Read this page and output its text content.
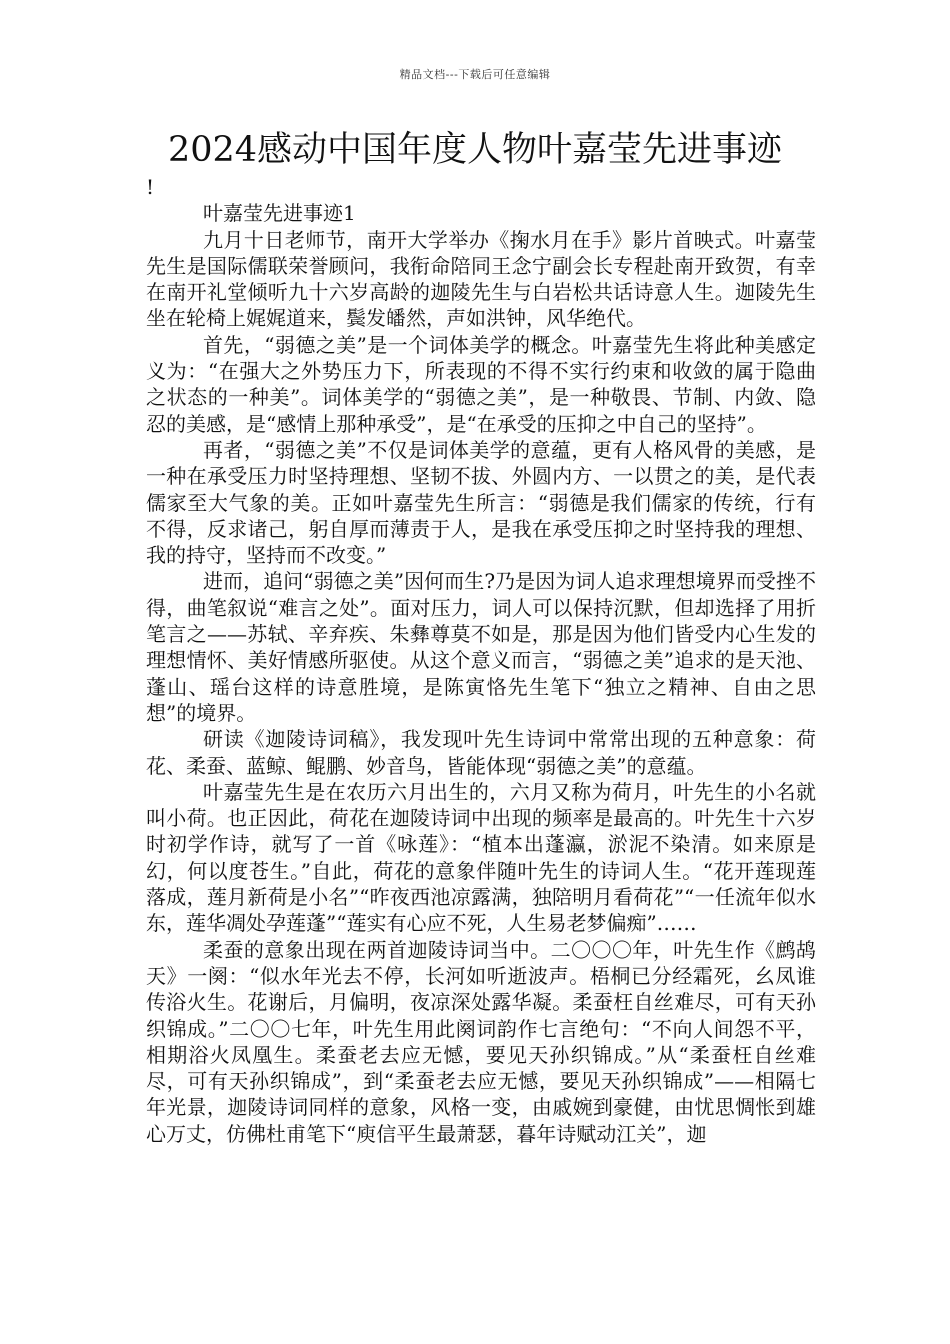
精品文档---下载后可任意编辑
2024感动中国年度人物叶嘉莹先进事迹

!

叶嘉莹先进事迹1

九月十日老师节，南开大学举办《掬水月在手》影片首映式。叶嘉莹先生是国际儒联荣誉顾问，我衔命陪同王念宁副会长专程赴南开致贺，有幸在南开礼堂倾听九十六岁高龄的迦陵先生与白岩松共话诗意人生。迦陵先生坐在轮椅上娓娓道来，鬓发皤然，声如洪钟，风华绝代。

首先，“弱德之美”是一个词体美学的概念。叶嘉莹先生将此种美感定义为：“在强大之外势压力下，所表现的不得不实行约束和收敛的属于隐曲之状态的一种美”。词体美学的“弱德之美”，是一种敬畏、节制、内敛、隐忍的美感，是“感情上那种承受”，是“在承受的压抑之中自己的坚持”。

再者，“弱德之美”不仅是词体美学的意蕴，更有人格风骨的美感，是一种在承受压力时坚持理想、坚韧不拔、外圆内方、一以贯之的美，是代表儒家至大气象的美。正如叶嘉莹先生所言：“弱德是我们儒家的传统，行有不得，反求诸己，躬自厚而薄责于人，是我在承受压抑之时坚持我的理想、我的持守，坚持而不改变。”

进而，追问“弱德之美”因何而生?乃是因为词人追求理想境界而受挫不得，曲笔叙说“难言之处”。面对压力，词人可以保持沉默，但却选择了用折笔言之——苏轼、辛弃疾、朱彝尊莫不如是，那是因为他们皆受内心生发的理想情怀、美好情感所驱使。从这个意义而言，“弱德之美”追求的是天池、蓬山、瑶台这样的诗意胜境，是陈寅恪先生笔下“独立之精神、自由之思想”的境界。

研读《迦陵诗词稿》，我发现叶先生诗词中常常出现的五种意象：荷花、柔蚕、蓝鲸、鲲鹏、妙音鸟，皆能体现“弱德之美”的意蕴。

叶嘉莹先生是在农历六月出生的，六月又称为荷月，叶先生的小名就叫小荷。也正因此，荷花在迦陵诗词中出现的频率是最高的。叶先生十六岁时初学作诗，就写了一首《咏莲》：“植本出蓬瀛，淤泥不染清。如来原是幻，何以度苍生。”自此，荷花的意象伴随叶先生的诗词人生。“花开莲现莲落成，莲月新荷是小名”“昨夜西池凉露满，独陪明月看荷花”“一任流年似水东，莲华凋处孕莲蓬”“莲实有心应不死，人生易老梦偏痴”……

柔蚕的意象出现在两首迦陵诗词当中。二〇〇〇年，叶先生作《鹧鸪天》一阕：“似水年光去不停，长河如听逝波声。梧桐已分经霜死，幺凤谁传浴火生。花谢后，月偏明，夜凉深处露华凝。柔蚕枉自丝难尽，可有天孙织锦成。”二〇〇七年，叶先生用此阕词韵作七言绝句：“不向人间怨不平，相期浴火凤凰生。柔蚕老去应无憾，要见天孙织锦成。”从“柔蚕枉自丝难尽，可有天孙织锦成”，到“柔蚕老去应无憾，要见天孙织锦成”——相隔七年光景，迦陵诗词同样的意象，风格一变，由戚婉到豪健，由忧思惆怅到雄心万丈，仿佛杜甫笔下“庾信平生最萧瑟，暮年诗赋动江关”，迦
